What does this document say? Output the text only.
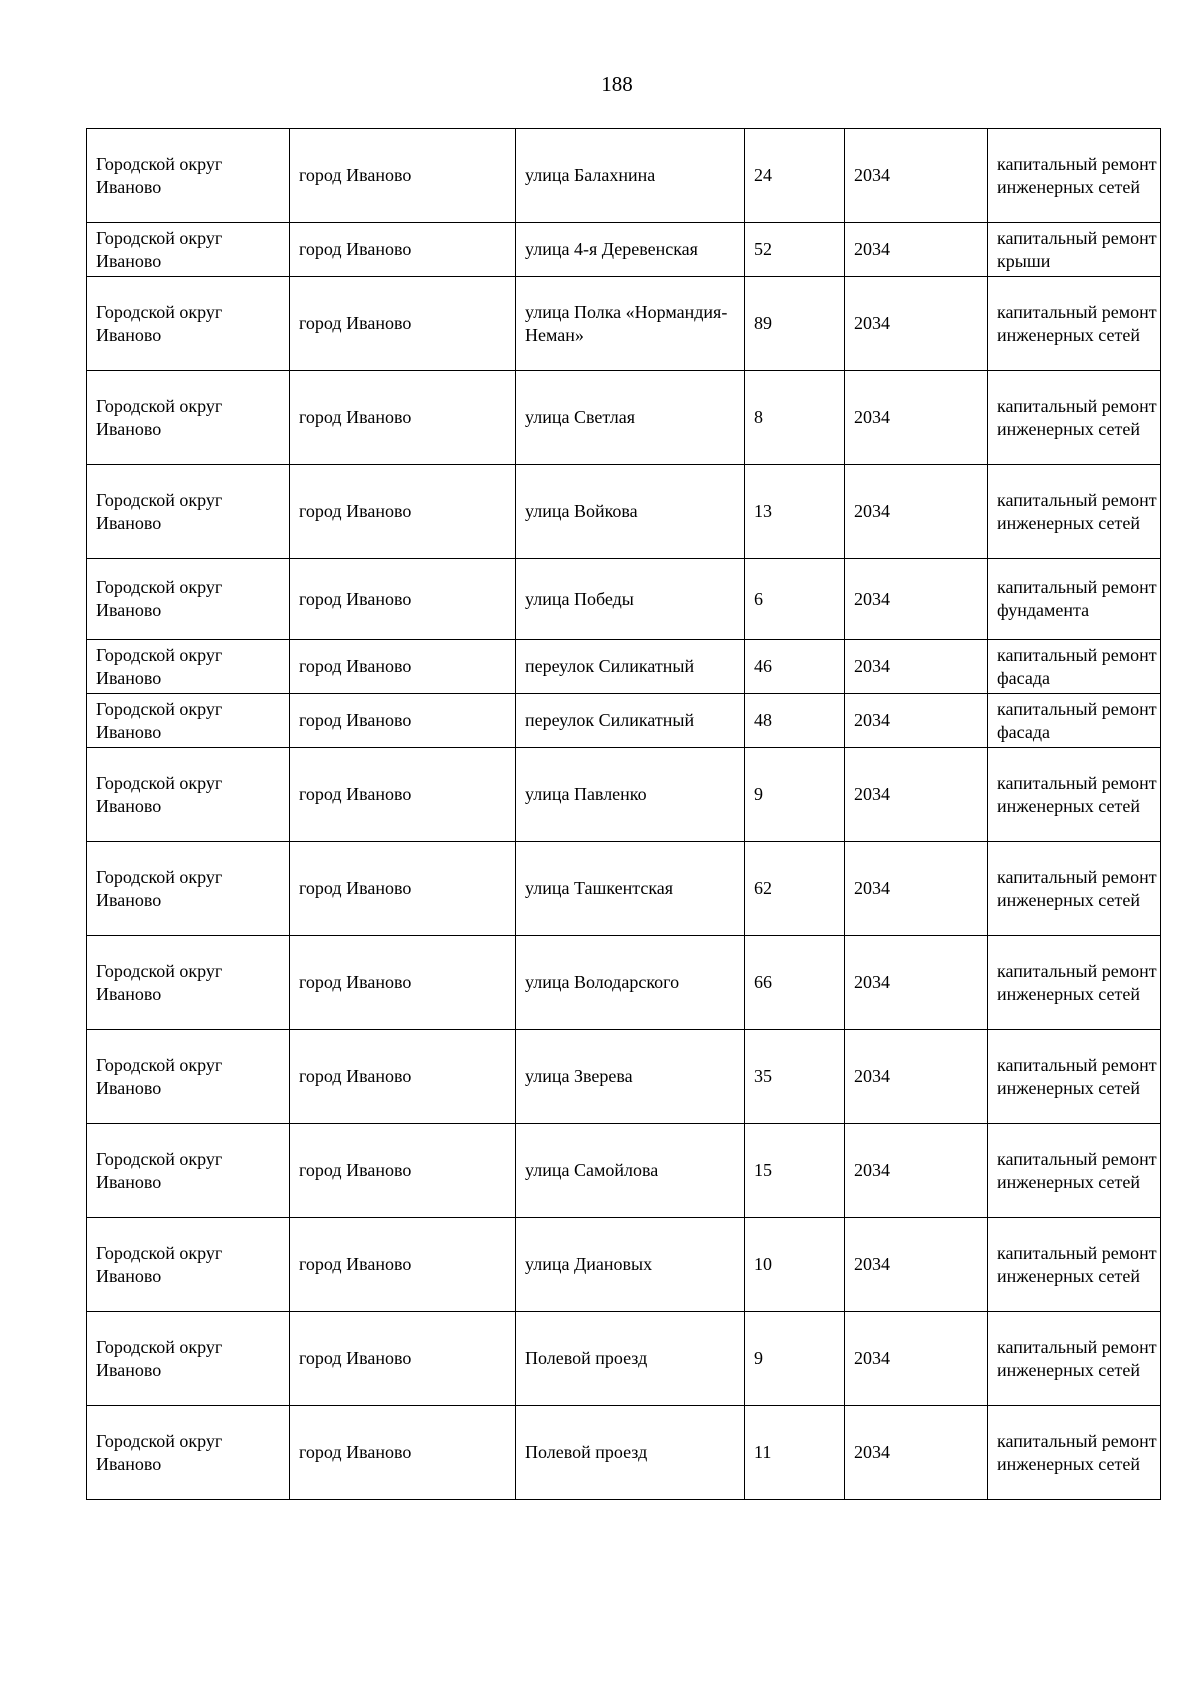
188
Городской округ Иваново	город Иваново	улица Балахнина	24	2034	капитальный ремонт инженерных сетей

Городской округ Иваново	город Иваново	улица 4-я Деревенская	52	2034	капитальный ремонт крыши

Городской округ Иваново	город Иваново	улица Полка «Нормандия-Неман»	89	2034	капитальный ремонт инженерных сетей

Городской округ Иваново	город Иваново	улица Светлая	8	2034	капитальный ремонт инженерных сетей

Городской округ Иваново	город Иваново	улица Войкова	13	2034	капитальный ремонт инженерных сетей

Городской округ Иваново	город Иваново	улица Победы	6	2034	капитальный ремонт фундамента

Городской округ Иваново	город Иваново	переулок Силикатный	46	2034	капитальный ремонт фасада

Городской округ Иваново	город Иваново	переулок Силикатный	48	2034	капитальный ремонт фасада

Городской округ Иваново	город Иваново	улица Павленко	9	2034	капитальный ремонт инженерных сетей

Городской округ Иваново	город Иваново	улица Ташкентская	62	2034	капитальный ремонт инженерных сетей

Городской округ Иваново	город Иваново	улица Володарского	66	2034	капитальный ремонт инженерных сетей

Городской округ Иваново	город Иваново	улица Зверева	35	2034	капитальный ремонт инженерных сетей

Городской округ Иваново	город Иваново	улица Самойлова	15	2034	капитальный ремонт инженерных сетей

Городской округ Иваново	город Иваново	улица Диановых	10	2034	капитальный ремонт инженерных сетей

Городской округ Иваново	город Иваново	Полевой проезд	9	2034	капитальный ремонт инженерных сетей

Городской округ Иваново	город Иваново	Полевой проезд	11	2034	капитальный ремонт инженерных сетей
